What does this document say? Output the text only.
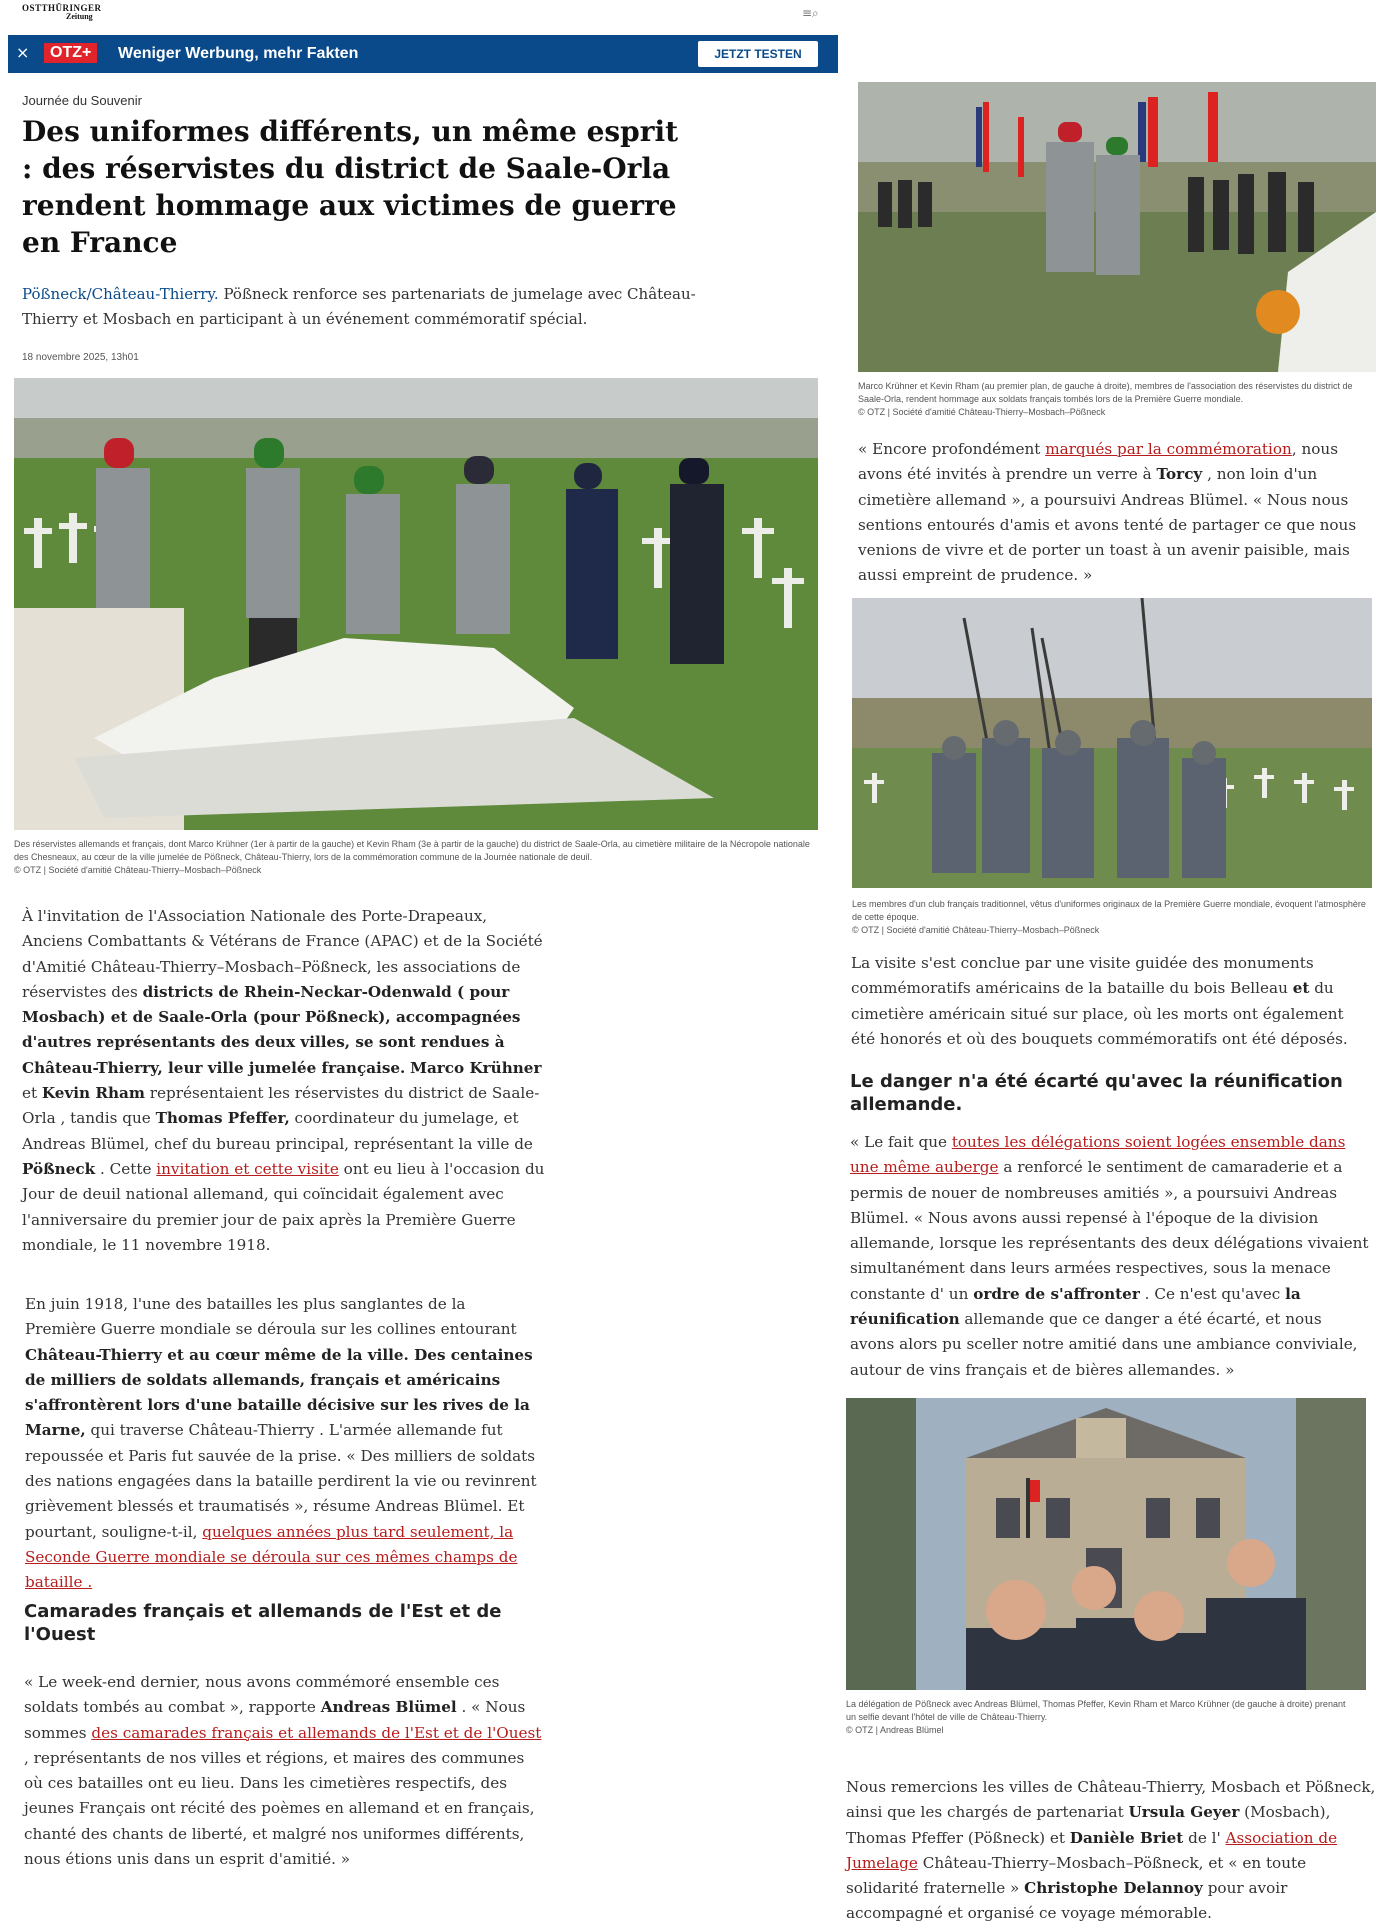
OSTTHÜRINGER
Zeitung	≡⌕
×	OTZ+	Weniger Werbung, mehr Fakten	JETZT TESTEN
Journée du Souvenir
Des uniformes différents, un même esprit : des réservistes du district de Saale-Orla rendent hommage aux victimes de guerre en France
Pößneck/Château-Thierry. Pößneck renforce ses partenariats de jumelage avec Château-Thierry et Mosbach en participant à un événement commémoratif spécial.
18 novembre 2025, 13h01
Des réservistes allemands et français, dont Marco Krühner (1er à partir de la gauche) et Kevin Rham (3e à partir de la gauche) du district de Saale-Orla, au cimetière militaire de la Nécropole nationale des Chesneaux, au cœur de la ville jumelée de Pößneck, Château-Thierry, lors de la commémoration commune de la Journée nationale de deuil.
© OTZ | Société d'amitié Château-Thierry–Mosbach–Pößneck
À l'invitation de l'Association Nationale des Porte-Drapeaux, Anciens Combattants & Vétérans de France (APAC) et de la Société d'Amitié Château-Thierry–Mosbach–Pößneck, les associations de réservistes des districts de Rhein-Neckar-Odenwald ( pour Mosbach) et de Saale-Orla (pour Pößneck), accompagnées d'autres représentants des deux villes, se sont rendues à Château-Thierry, leur ville jumelée française. Marco Krühner et Kevin Rham représentaient les réservistes du district de Saale-Orla , tandis que Thomas Pfeffer, coordinateur du jumelage, et Andreas Blümel, chef du bureau principal, représentant la ville de Pößneck . Cette invitation et cette visite ont eu lieu à l'occasion du Jour de deuil national allemand, qui coïncidait également avec l'anniversaire du premier jour de paix après la Première Guerre mondiale, le 11 novembre 1918.
En juin 1918, l'une des batailles les plus sanglantes de la Première Guerre mondiale se déroula sur les collines entourant Château-Thierry et au cœur même de la ville. Des centaines de milliers de soldats allemands, français et américains s'affrontèrent lors d'une bataille décisive sur les rives de la Marne, qui traverse Château-Thierry . L'armée allemande fut repoussée et Paris fut sauvée de la prise. « Des milliers de soldats des nations engagées dans la bataille perdirent la vie ou revinrent grièvement blessés et traumatisés », résume Andreas Blümel. Et pourtant, souligne-t-il, quelques années plus tard seulement, la Seconde Guerre mondiale se déroula sur ces mêmes champs de bataille .
Camarades français et allemands de l'Est et de l'Ouest
« Le week-end dernier, nous avons commémoré ensemble ces soldats tombés au combat », rapporte Andreas Blümel . « Nous sommes des camarades français et allemands de l'Est et de l'Ouest , représentants de nos villes et régions, et maires des communes où ces batailles ont eu lieu. Dans les cimetières respectifs, des jeunes Français ont récité des poèmes en allemand et en français, chanté des chants de liberté, et malgré nos uniformes différents, nous étions unis dans un esprit d'amitié. »
Marco Krühner et Kevin Rham (au premier plan, de gauche à droite), membres de l'association des réservistes du district de Saale-Orla, rendent hommage aux soldats français tombés lors de la Première Guerre mondiale.
© OTZ | Société d'amitié Château-Thierry–Mosbach–Pößneck
« Encore profondément marqués par la commémoration, nous avons été invités à prendre un verre à Torcy , non loin d'un cimetière allemand », a poursuivi Andreas Blümel. « Nous nous sentions entourés d'amis et avons tenté de partager ce que nous venions de vivre et de porter un toast à un avenir paisible, mais aussi empreint de prudence. »
Les membres d'un club français traditionnel, vêtus d'uniformes originaux de la Première Guerre mondiale, évoquent l'atmosphère de cette époque.
© OTZ | Société d'amitié Château-Thierry–Mosbach–Pößneck
La visite s'est conclue par une visite guidée des monuments commémoratifs américains de la bataille du bois Belleau et du cimetière américain situé sur place, où les morts ont également été honorés et où des bouquets commémoratifs ont été déposés.
Le danger n'a été écarté qu'avec la réunification allemande.
« Le fait que toutes les délégations soient logées ensemble dans une même auberge a renforcé le sentiment de camaraderie et a permis de nouer de nombreuses amitiés », a poursuivi Andreas Blümel. « Nous avons aussi repensé à l'époque de la division allemande, lorsque les représentants des deux délégations vivaient simultanément dans leurs armées respectives, sous la menace constante d' un ordre de s'affronter . Ce n'est qu'avec la réunification allemande que ce danger a été écarté, et nous avons alors pu sceller notre amitié dans une ambiance conviviale, autour de vins français et de bières allemandes. »
La délégation de Pößneck avec Andreas Blümel, Thomas Pfeffer, Kevin Rham et Marco Krühner (de gauche à droite) prenant un selfie devant l'hôtel de ville de Château-Thierry.
© OTZ | Andreas Blümel
Nous remercions les villes de Château-Thierry, Mosbach et Pößneck, ainsi que les chargés de partenariat Ursula Geyer (Mosbach), Thomas Pfeffer (Pößneck) et Danièle Briet de l' Association de Jumelage Château-Thierry–Mosbach–Pößneck, et « en toute solidarité fraternelle » Christophe Delannoy pour avoir accompagné et organisé ce voyage mémorable.
